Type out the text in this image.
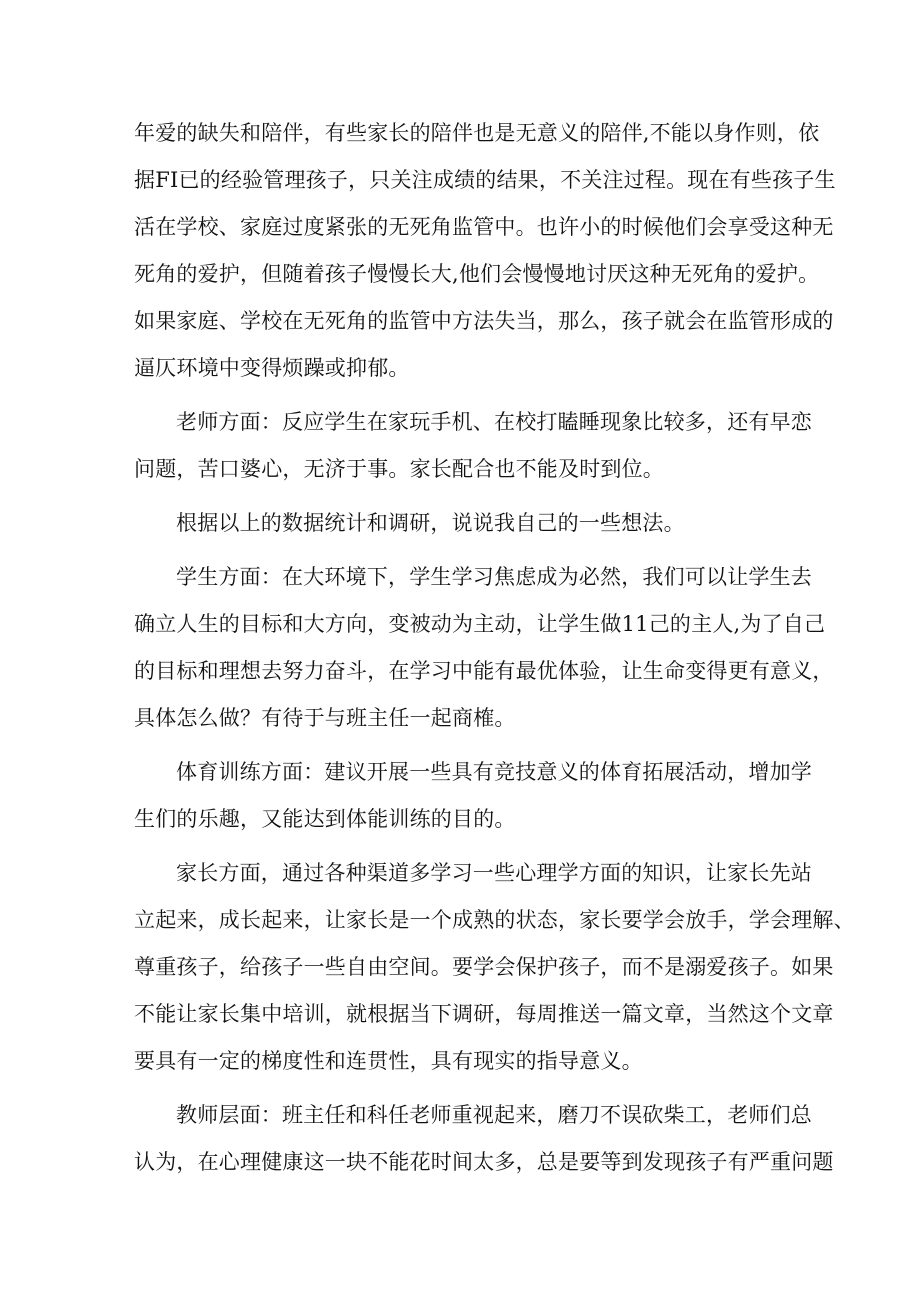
年爱的缺失和陪伴，有些家长的陪伴也是无意义的陪伴,不能以身作则，依
据FI已的经验管理孩子，只关注成绩的结果，不关注过程。现在有些孩子生
活在学校、家庭过度紧张的无死角监管中。也许小的时候他们会享受这种无
死角的爱护，但随着孩子慢慢长大,他们会慢慢地讨厌这种无死角的爱护。
如果家庭、学校在无死角的监管中方法失当，那么，孩子就会在监管形成的
逼仄环境中变得烦躁或抑郁。
老师方面：反应学生在家玩手机、在校打瞌睡现象比较多，还有早恋
问题，苦口婆心，无济于事。家长配合也不能及时到位。
根据以上的数据统计和调研，说说我自己的一些想法。
学生方面：在大环境下，学生学习焦虑成为必然，我们可以让学生去
确立人生的目标和大方向，变被动为主动，让学生做11己的主人,为了自己
的目标和理想去努力奋斗，在学习中能有最优体验，让生命变得更有意义，
具体怎么做？有待于与班主任一起商榷。
体育训练方面：建议开展一些具有竞技意义的体育拓展活动，增加学
生们的乐趣，又能达到体能训练的目的。
家长方面，通过各种渠道多学习一些心理学方面的知识，让家长先站
立起来，成长起来，让家长是一个成熟的状态，家长要学会放手，学会理解、
尊重孩子，给孩子一些自由空间。要学会保护孩子，而不是溺爱孩子。如果
不能让家长集中培训，就根据当下调研，每周推送一篇文章，当然这个文章
要具有一定的梯度性和连贯性，具有现实的指导意义。
教师层面：班主任和科任老师重视起来，磨刀不误砍柴工，老师们总
认为，在心理健康这一块不能花时间太多，总是要等到发现孩子有严重问题
